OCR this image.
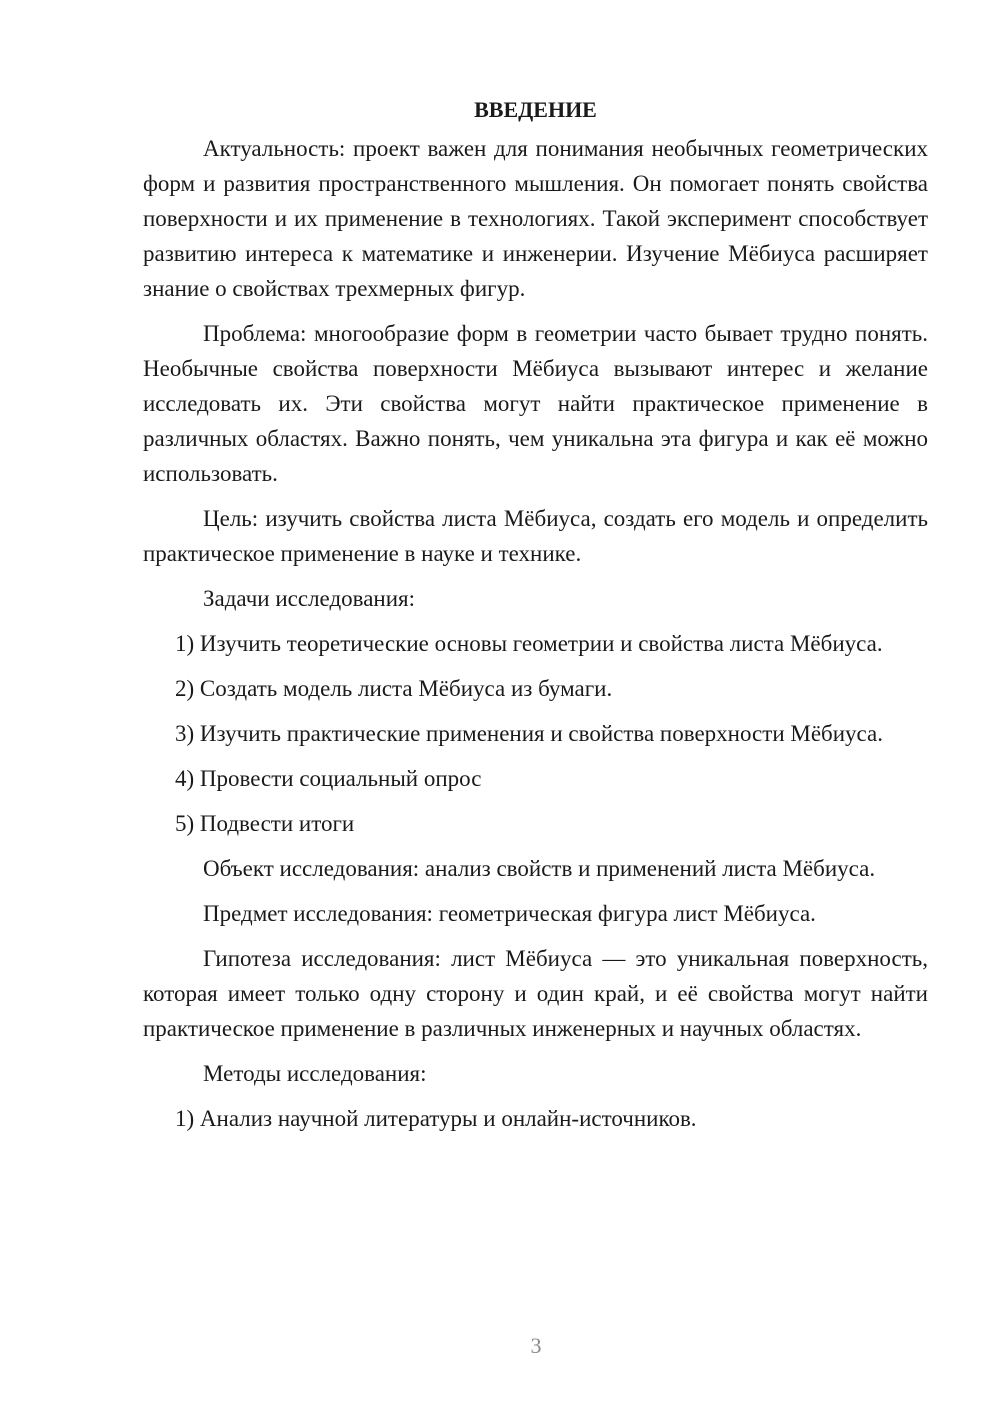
ВВЕДЕНИЕ

Актуальность: проект важен для понимания необычных геометрических форм и развития пространственного мышления. Он помогает понять свойства поверхности и их применение в технологиях. Такой эксперимент способствует развитию интереса к математике и инженерии. Изучение Мёбиуса расширяет знание о свойствах трехмерных фигур.

Проблема: многообразие форм в геометрии часто бывает трудно понять. Необычные свойства поверхности Мёбиуса вызывают интерес и желание исследовать их. Эти свойства могут найти практическое применение в различных областях. Важно понять, чем уникальна эта фигура и как её можно использовать.

Цель: изучить свойства листа Мёбиуса, создать его модель и определить практическое применение в науке и технике.

Задачи исследования:

1) Изучить теоретические основы геометрии и свойства листа Мёбиуса.

2) Создать модель листа Мёбиуса из бумаги.

3) Изучить практические применения и свойства поверхности Мёбиуса.

4) Провести социальный опрос

5) Подвести итоги

Объект исследования: анализ свойств и применений листа Мёбиуса.

Предмет исследования: геометрическая фигура лист Мёбиуса.

Гипотеза исследования: лист Мёбиуса — это уникальная поверхность, которая имеет только одну сторону и один край, и её свойства могут найти практическое применение в различных инженерных и научных областях.

Методы исследования:

1) Анализ научной литературы и онлайн-источников.

3
